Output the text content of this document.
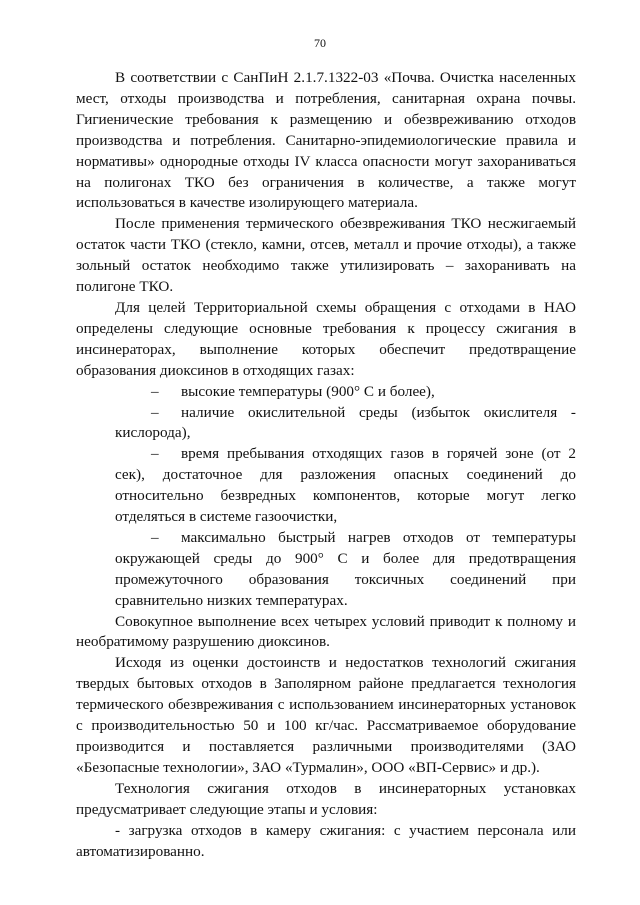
70

В соответствии с СанПиН 2.1.7.1322-03 «Почва. Очистка населенных мест, отходы производства и потребления, санитарная охрана почвы. Гигиенические требования к размещению и обезвреживанию отходов производства и потребления. Санитарно-эпидемиологические правила и нормативы» однородные отходы IV класса опасности могут захораниваться на полигонах ТКО без ограничения в количестве, а также могут использоваться в качестве изолирующего материала.

После применения термического обезвреживания ТКО несжигаемый остаток части ТКО (стекло, камни, отсев, металл и прочие отходы), а также зольный остаток необходимо также утилизировать – захоранивать на полигоне ТКО.

Для целей Территориальной схемы обращения с отходами в НАО определены следующие основные требования к процессу сжигания в инсинераторах, выполнение которых обеспечит предотвращение образования диоксинов в отходящих газах:

– высокие температуры (900° С и более),

– наличие окислительной среды (избыток окислителя - кислорода),

– время пребывания отходящих газов в горячей зоне (от 2 сек), достаточное для разложения опасных соединений до относительно безвредных компонентов, которые могут легко отделяться в системе газоочистки,

– максимально быстрый нагрев отходов от температуры окружающей среды до 900° С и более для предотвращения промежуточного образования токсичных соединений при сравнительно низких температурах.

Совокупное выполнение всех четырех условий приводит к полному и необратимому разрушению диоксинов.

Исходя из оценки достоинств и недостатков технологий сжигания твердых бытовых отходов в Заполярном районе предлагается технология термического обезвреживания с использованием инсинераторных установок с производительностью 50 и 100 кг/час. Рассматриваемое оборудование производится и поставляется различными производителями (ЗАО «Безопасные технологии», ЗАО «Турмалин», ООО «ВП-Сервис» и др.).

Технология сжигания отходов в инсинераторных установках предусматривает следующие этапы и условия:

- загрузка отходов в камеру сжигания: с участием персонала или автоматизированно.
